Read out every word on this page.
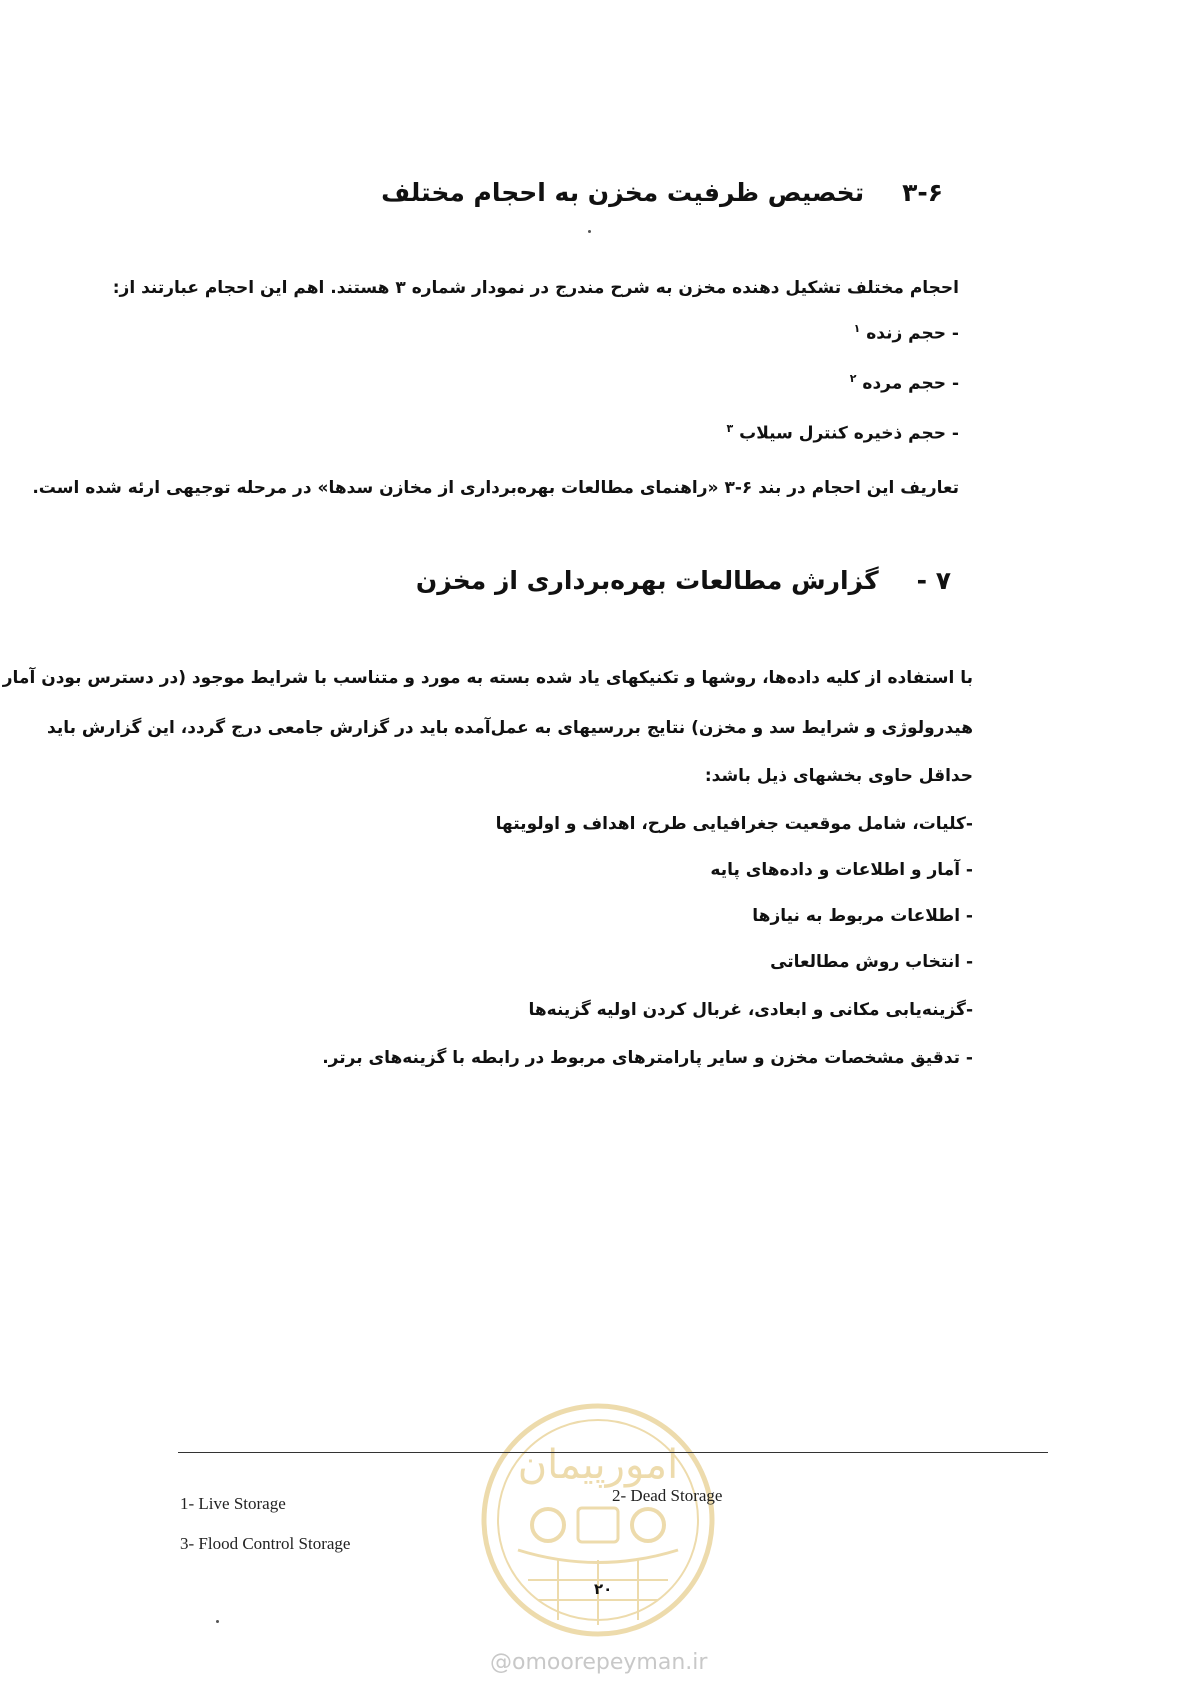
۳-۶تخصیص ظرفیت مخزن به احجام مختلف
احجام مختلف تشکیل دهنده مخزن به شرح مندرج در نمودار شماره ۳ هستند. اهم این احجام عبارتند از:
- حجم زنده $^۱$
- حجم مرده $^۲$
- حجم ذخیره کنترل سیلاب $^۳$
تعاریف این احجام در بند ۶-۳ «راهنمای مطالعات بهره‌برداری از مخازن سدها» در مرحله توجیهی ارئه شده است.
۷ -گزارش مطالعات بهره‌برداری از مخزن
با استفاده از کلیه داده‌ها، روشها و تکنیکهای یاد شده بسته به مورد و متناسب با شرایط موجود (در دسترس بودن آمار
هیدرولوژی و شرایط سد و مخزن) نتایج بررسیهای به عمل‌آمده باید در گزارش جامعی درج گردد، این گزارش باید
حداقل حاوی بخشهای ذیل باشد:
-کلیات، شامل موقعیت جغرافیایی طرح، اهداف و اولویتها
- آمار و اطلاعات و داده‌های پایه
- اطلاعات مربوط به نیازها
- انتخاب روش مطالعاتی
-گزینه‌یابی مکانی و ابعادی، غربال کردن اولیه گزینه‌ها
- تدقیق مشخصات مخزن و سایر پارامترهای مربوط در رابطه با گزینه‌های برتر.
امورپیمان
1- Live Storage	2- Dead Storage
3- Flood Control Storage
۲۰
@omoorepeyman.ir
